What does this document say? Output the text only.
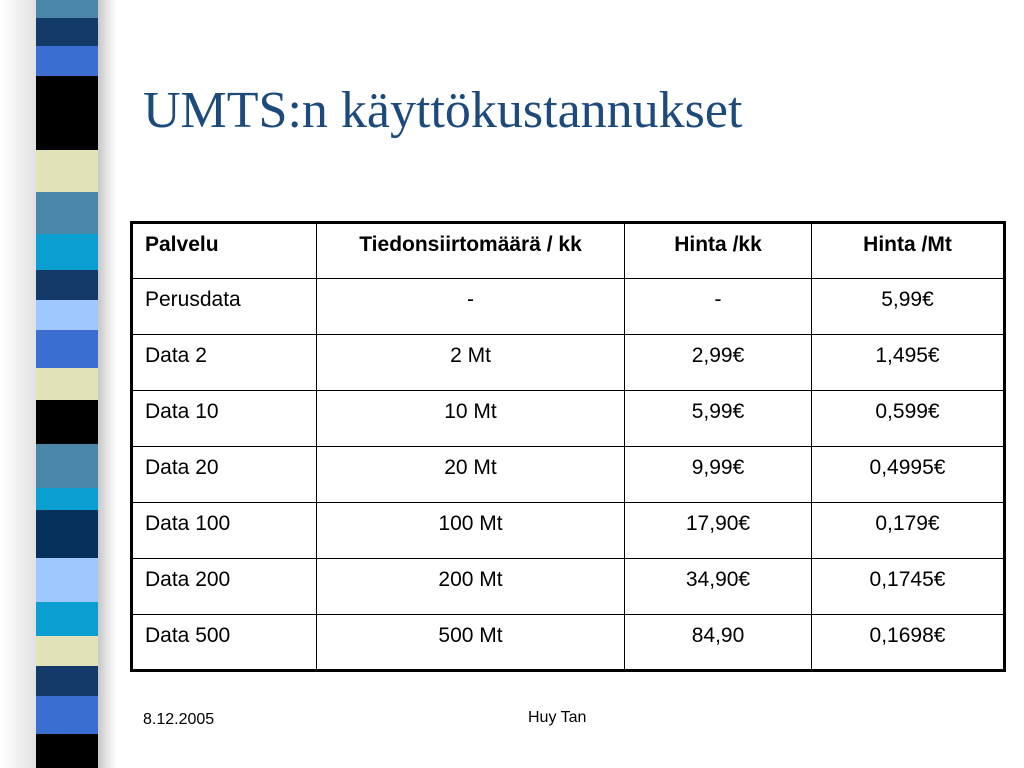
UMTS:n käyttökustannukset
Palvelu	Tiedonsiirtomäärä / kk	Hinta /kk	Hinta /Mt
Perusdata	-	-	5,99€
Data 2	2 Mt	2,99€	1,495€
Data 10	10 Mt	5,99€	0,599€
Data 20	20 Mt	9,99€	0,4995€
Data 100	100 Mt	17,90€	0,179€
Data 200	200 Mt	34,90€	0,1745€
Data 500	500 Mt	84,90	0,1698€
8.12.2005	Huy Tan
